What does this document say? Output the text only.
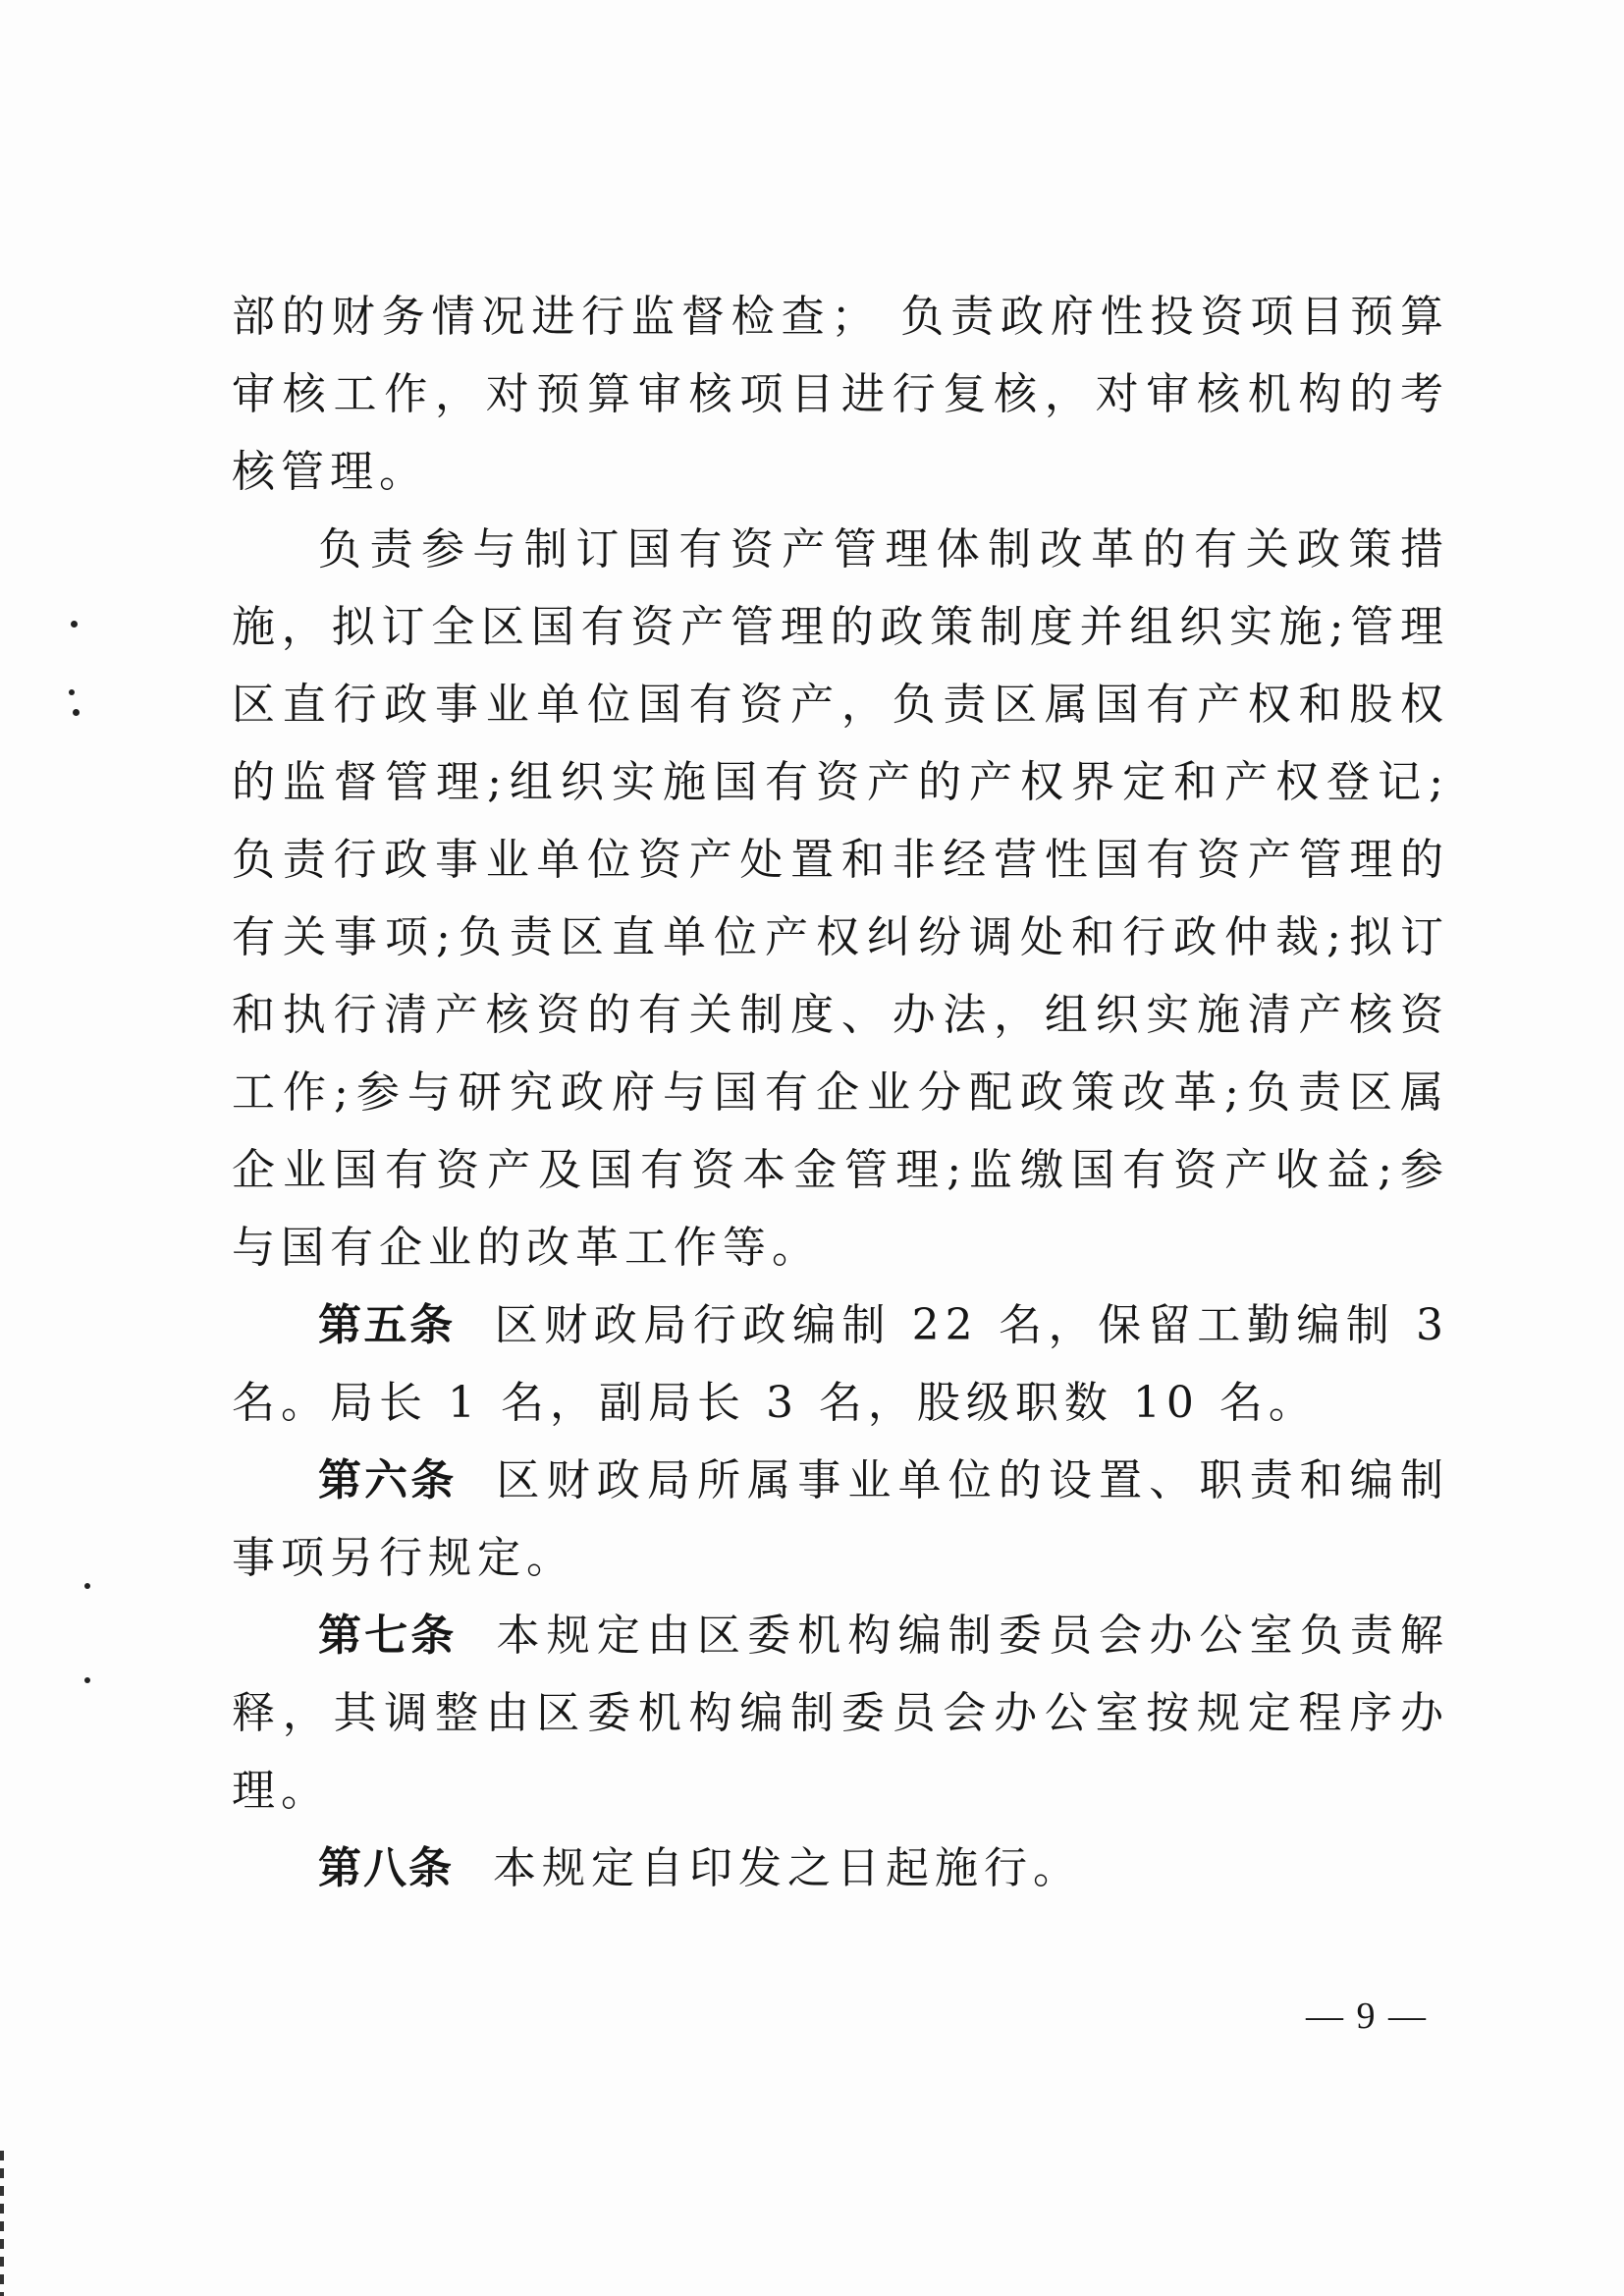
部的财务情况进行监督检查； 负责政府性投资项目预算审核工作，对预算审核项目进行复核，对审核机构的考核管理。

负责参与制订国有资产管理体制改革的有关政策措施，拟订全区国有资产管理的政策制度并组织实施;管理区直行政事业单位国有资产，负责区属国有产权和股权的监督管理;组织实施国有资产的产权界定和产权登记;负责行政事业单位资产处置和非经营性国有资产管理的有关事项;负责区直单位产权纠纷调处和行政仲裁;拟订和执行清产核资的有关制度、办法，组织实施清产核资工作;参与研究政府与国有企业分配政策改革;负责区属企业国有资产及国有资本金管理;监缴国有资产收益;参与国有企业的改革工作等。

第五条 区财政局行政编制 22 名，保留工勤编制 3 名。局长 1 名，副局长 3 名，股级职数 10 名。

第六条 区财政局所属事业单位的设置、职责和编制事项另行规定。

第七条 本规定由区委机构编制委员会办公室负责解释，其调整由区委机构编制委员会办公室按规定程序办理。

第八条 本规定自印发之日起施行。

— 9 —
